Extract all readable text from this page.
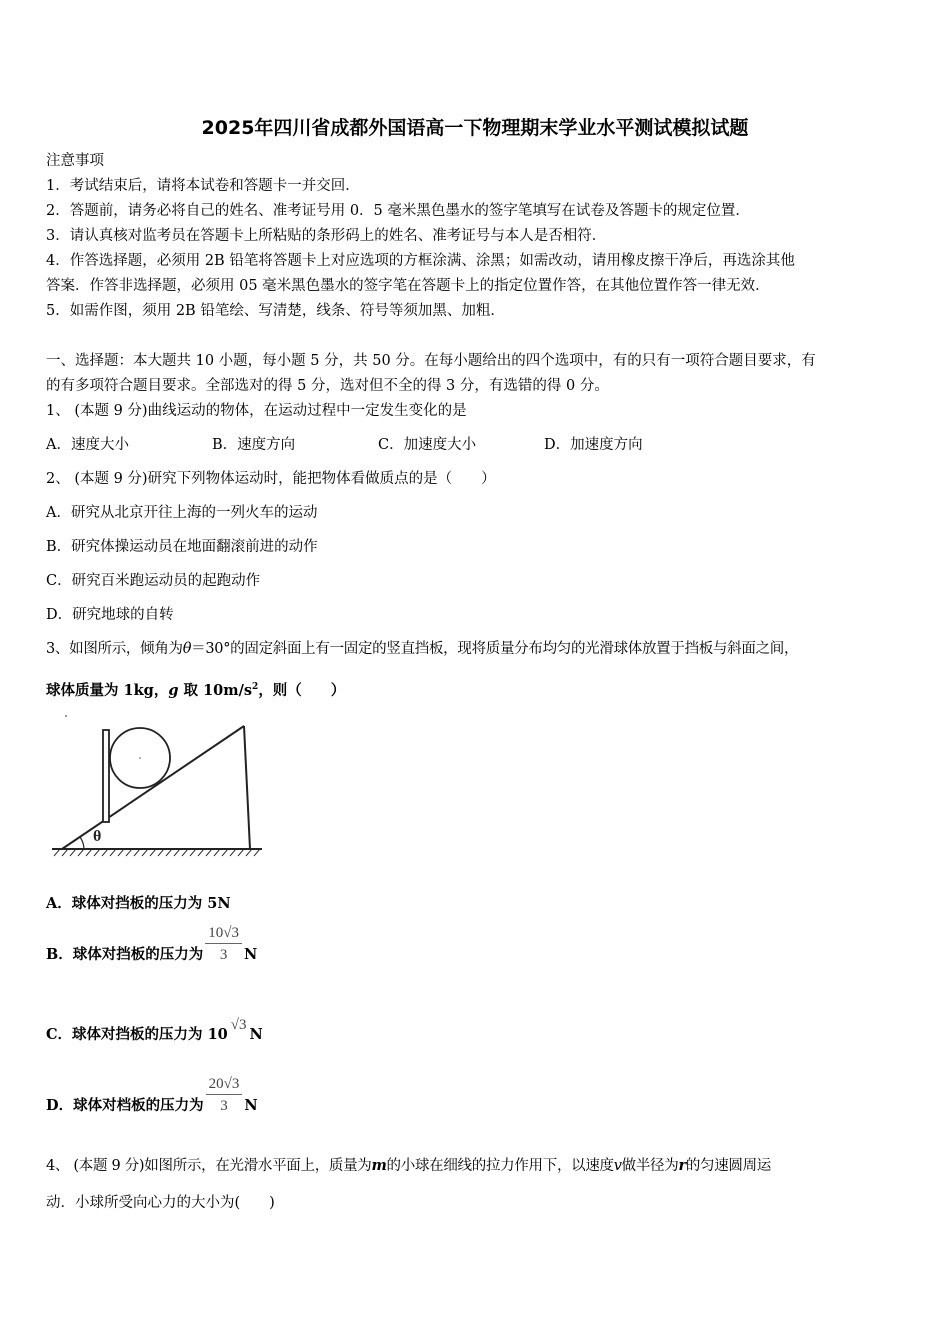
2025年四川省成都外国语高一下物理期末学业水平测试模拟试题
注意事项
1．考试结束后，请将本试卷和答题卡一并交回．
2．答题前，请务必将自己的姓名、准考证号用 0．5 毫米黑色墨水的签字笔填写在试卷及答题卡的规定位置．
3．请认真核对监考员在答题卡上所粘贴的条形码上的姓名、准考证号与本人是否相符．
4．作答选择题，必须用 2B 铅笔将答题卡上对应选项的方框涂满、涂黑；如需改动，请用橡皮擦干净后，再选涂其他
答案．作答非选择题，必须用 05 毫米黑色墨水的签字笔在答题卡上的指定位置作答，在其他位置作答一律无效．
5．如需作图，须用 2B 铅笔绘、写清楚，线条、符号等须加黑、加粗．
一、选择题：本大题共 10 小题，每小题 5 分，共 50 分。在每小题给出的四个选项中，有的只有一项符合题目要求，有
的有多项符合题目要求。全部选对的得 5 分，选对但不全的得 3 分，有选错的得 0 分。
1、 (本题 9 分)曲线运动的物体，在运动过程中一定发生变化的是
A．速度大小	B．速度方向	C．加速度大小	D．加速度方向
2、 (本题 9 分)研究下列物体运动时，能把物体看做质点的是（　　）
A．研究从北京开往上海的一列火车的运动
B．研究体操运动员在地面翻滚前进的动作
C．研究百米跑运动员的起跑动作
D．研究地球的自转
3、如图所示，倾角为θ＝30°的固定斜面上有一固定的竖直挡板，现将质量分布均匀的光滑球体放置于挡板与斜面之间，
球体质量为 1kg，g 取 $10m/s^2$，则（　　）
θ
A．球体对挡板的压力为 5N
B．球体对挡板的压力为 $\frac{10√3}{3}$ N
C．球体对挡板的压力为 10√3N
D．球体对档板的压力为 $\frac{20√3}{3}$ N
4、 (本题 9 分)如图所示，在光滑水平面上，质量为m的小球在细线的拉力作用下，以速度v做半径为r的匀速圆周运
动．小球所受向心力的大小为(　　)
